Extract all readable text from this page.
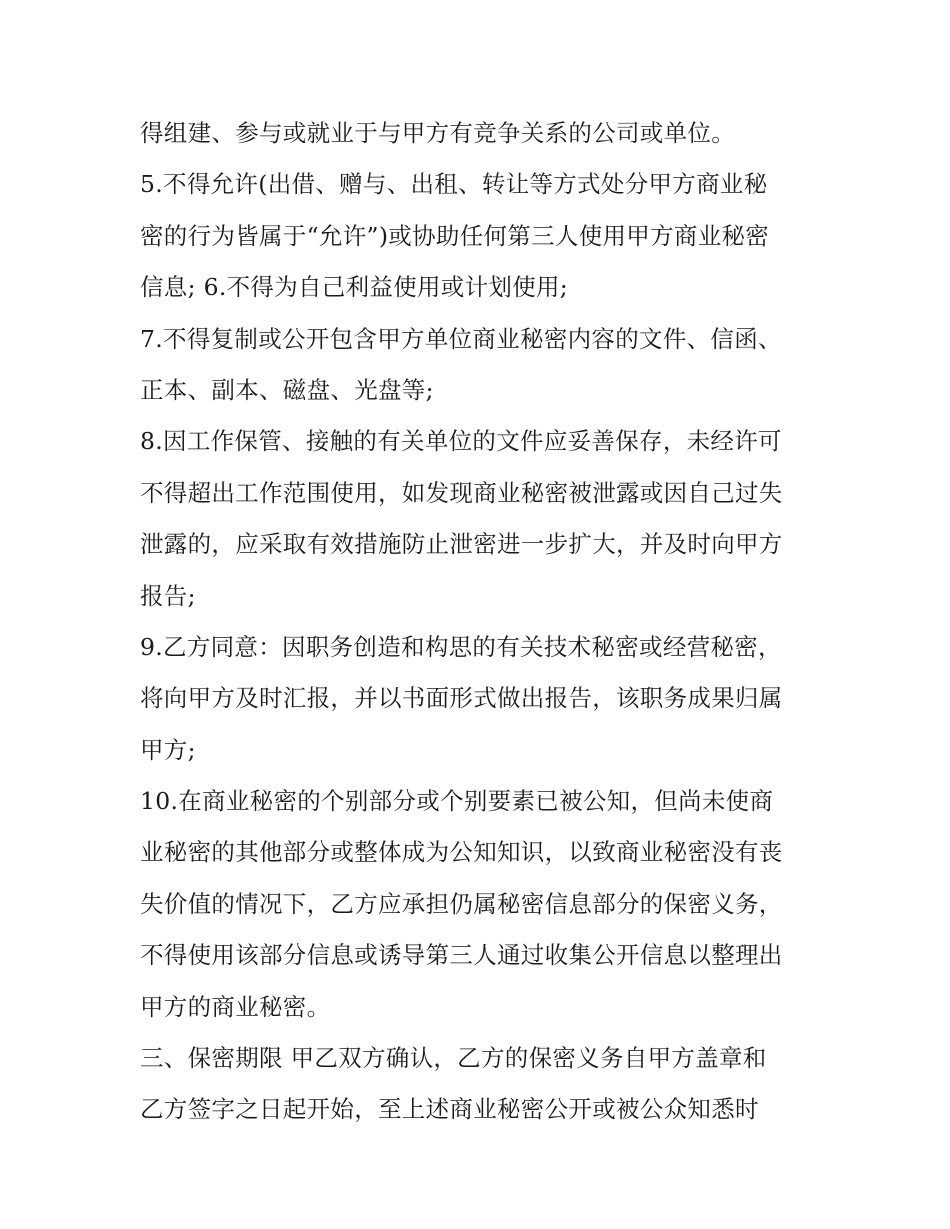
得组建、参与或就业于与甲方有竞争关系的公司或单位。
5.不得允许(出借、赠与、出租、转让等方式处分甲方商业秘
密的行为皆属于“允许”)或协助任何第三人使用甲方商业秘密
信息; 6.不得为自己利益使用或计划使用;
7.不得复制或公开包含甲方单位商业秘密内容的文件、信函、
正本、副本、磁盘、光盘等;
8.因工作保管、接触的有关单位的文件应妥善保存，未经许可
不得超出工作范围使用，如发现商业秘密被泄露或因自己过失
泄露的，应采取有效措施防止泄密进一步扩大，并及时向甲方
报告;
9.乙方同意：因职务创造和构思的有关技术秘密或经营秘密，
将向甲方及时汇报，并以书面形式做出报告，该职务成果归属
甲方;
10.在商业秘密的个别部分或个别要素已被公知，但尚未使商
业秘密的其他部分或整体成为公知知识，以致商业秘密没有丧
失价值的情况下，乙方应承担仍属秘密信息部分的保密义务，
不得使用该部分信息或诱导第三人通过收集公开信息以整理出
甲方的商业秘密。
三、保密期限 甲乙双方确认，乙方的保密义务自甲方盖章和
乙方签字之日起开始，至上述商业秘密公开或被公众知悉时
